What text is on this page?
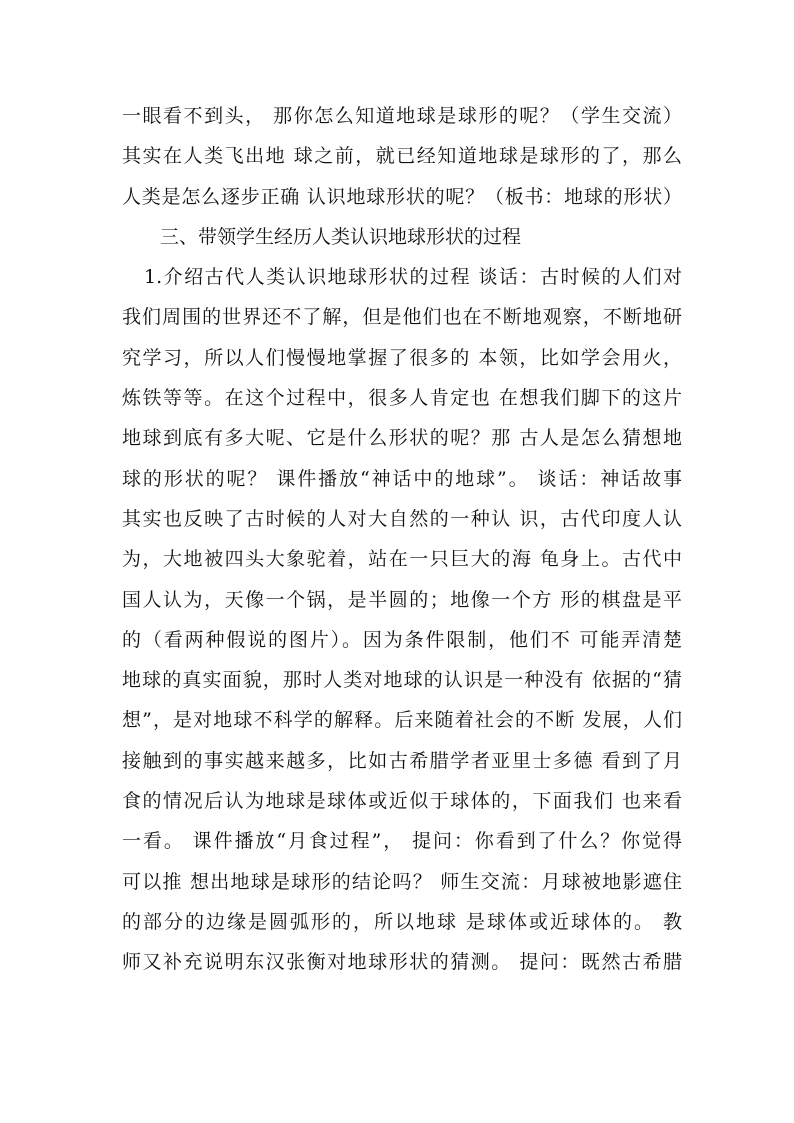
一眼看不到头， 那你怎么知道地球是球形的呢？（学生交流）
其实在人类飞出地 球之前，就已经知道地球是球形的了，那么
人类是怎么逐步正确 认识地球形状的呢？（板书：地球的形状）
三、带领学生经历人类认识地球形状的过程
1.介绍古代人类认识地球形状的过程 谈话：古时候的人们对
我们周围的世界还不了解，但是他们也在不断地观察，不断地研
究学习，所以人们慢慢地掌握了很多的 本领，比如学会用火，
炼铁等等。在这个过程中，很多人肯定也 在想我们脚下的这片
地球到底有多大呢、它是什么形状的呢？那 古人是怎么猜想地
球的形状的呢？ 课件播放“神话中的地球”。 谈话：神话故事
其实也反映了古时候的人对大自然的一种认 识，古代印度人认
为，大地被四头大象驼着，站在一只巨大的海 龟身上。古代中
国人认为，天像一个锅，是半圆的；地像一个方 形的棋盘是平
的（看两种假说的图片）。因为条件限制，他们不 可能弄清楚
地球的真实面貌，那时人类对地球的认识是一种没有 依据的“猜
想”，是对地球不科学的解释。后来随着社会的不断 发展，人们
接触到的事实越来越多，比如古希腊学者亚里士多德 看到了月
食的情况后认为地球是球体或近似于球体的，下面我们 也来看
一看。 课件播放“月食过程”， 提问：你看到了什么？你觉得
可以推 想出地球是球形的结论吗？ 师生交流：月球被地影遮住
的部分的边缘是圆弧形的，所以地球 是球体或近球体的。 教
师又补充说明东汉张衡对地球形状的猜测。 提问：既然古希腊
